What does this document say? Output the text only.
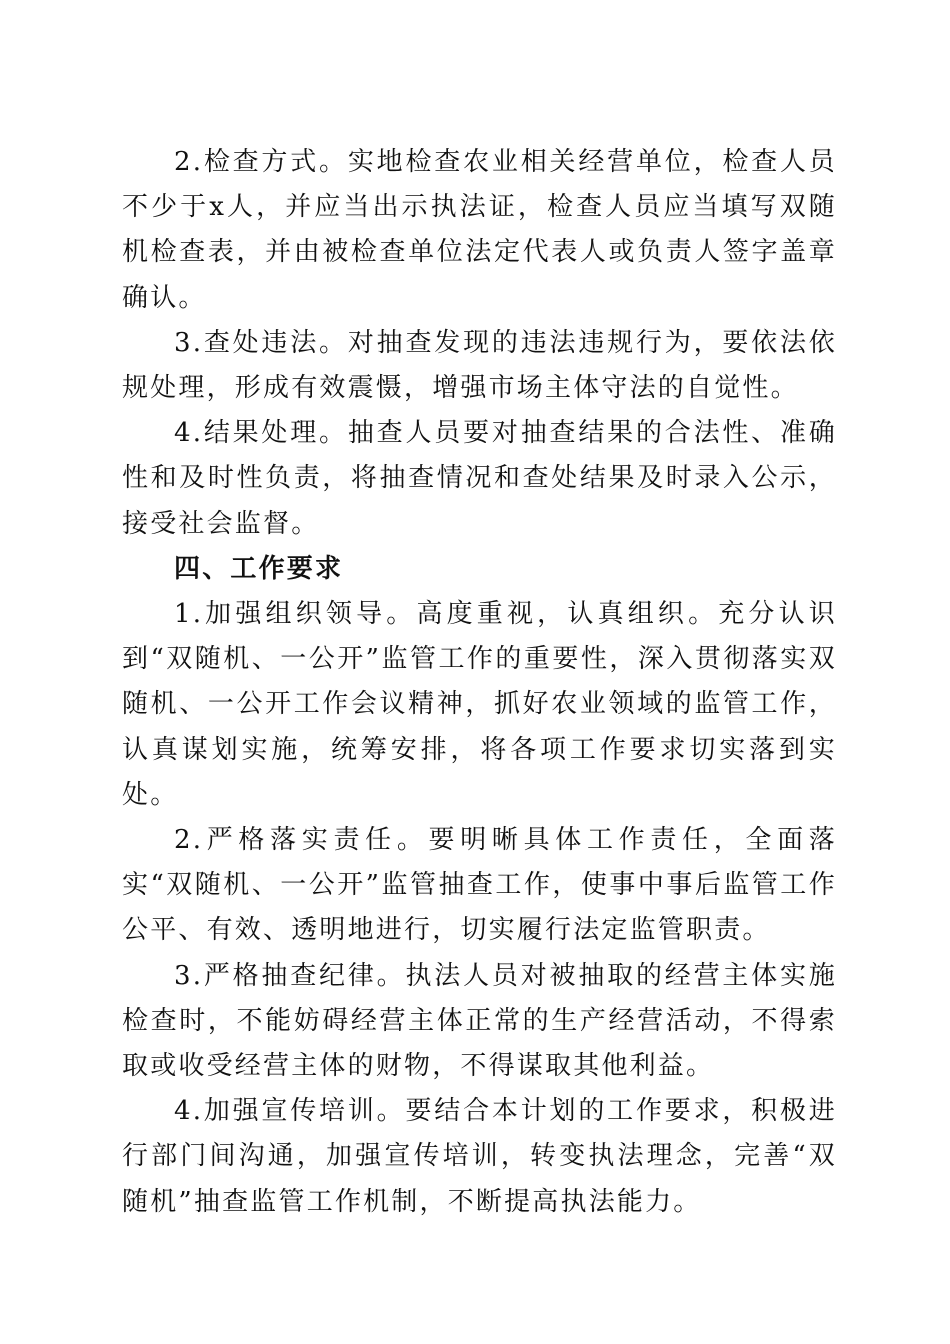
2.检查方式。实地检查农业相关经营单位，检查人员不少于x人，并应当出示执法证，检查人员应当填写双随机检查表，并由被检查单位法定代表人或负责人签字盖章确认。

3.查处违法。对抽查发现的违法违规行为，要依法依规处理，形成有效震慑，增强市场主体守法的自觉性。

4.结果处理。抽查人员要对抽查结果的合法性、准确性和及时性负责，将抽查情况和查处结果及时录入公示，接受社会监督。

四、工作要求

1.加强组织领导。高度重视，认真组织。充分认识到“双随机、一公开”监管工作的重要性，深入贯彻落实双随机、一公开工作会议精神，抓好农业领域的监管工作，认真谋划实施，统筹安排，将各项工作要求切实落到实处。

2.严格落实责任。要明晰具体工作责任，全面落实“双随机、一公开”监管抽查工作，使事中事后监管工作公平、有效、透明地进行，切实履行法定监管职责。

3.严格抽查纪律。执法人员对被抽取的经营主体实施检查时，不能妨碍经营主体正常的生产经营活动，不得索取或收受经营主体的财物，不得谋取其他利益。

4.加强宣传培训。要结合本计划的工作要求，积极进行部门间沟通，加强宣传培训，转变执法理念，完善“双随机”抽查监管工作机制，不断提高执法能力。
